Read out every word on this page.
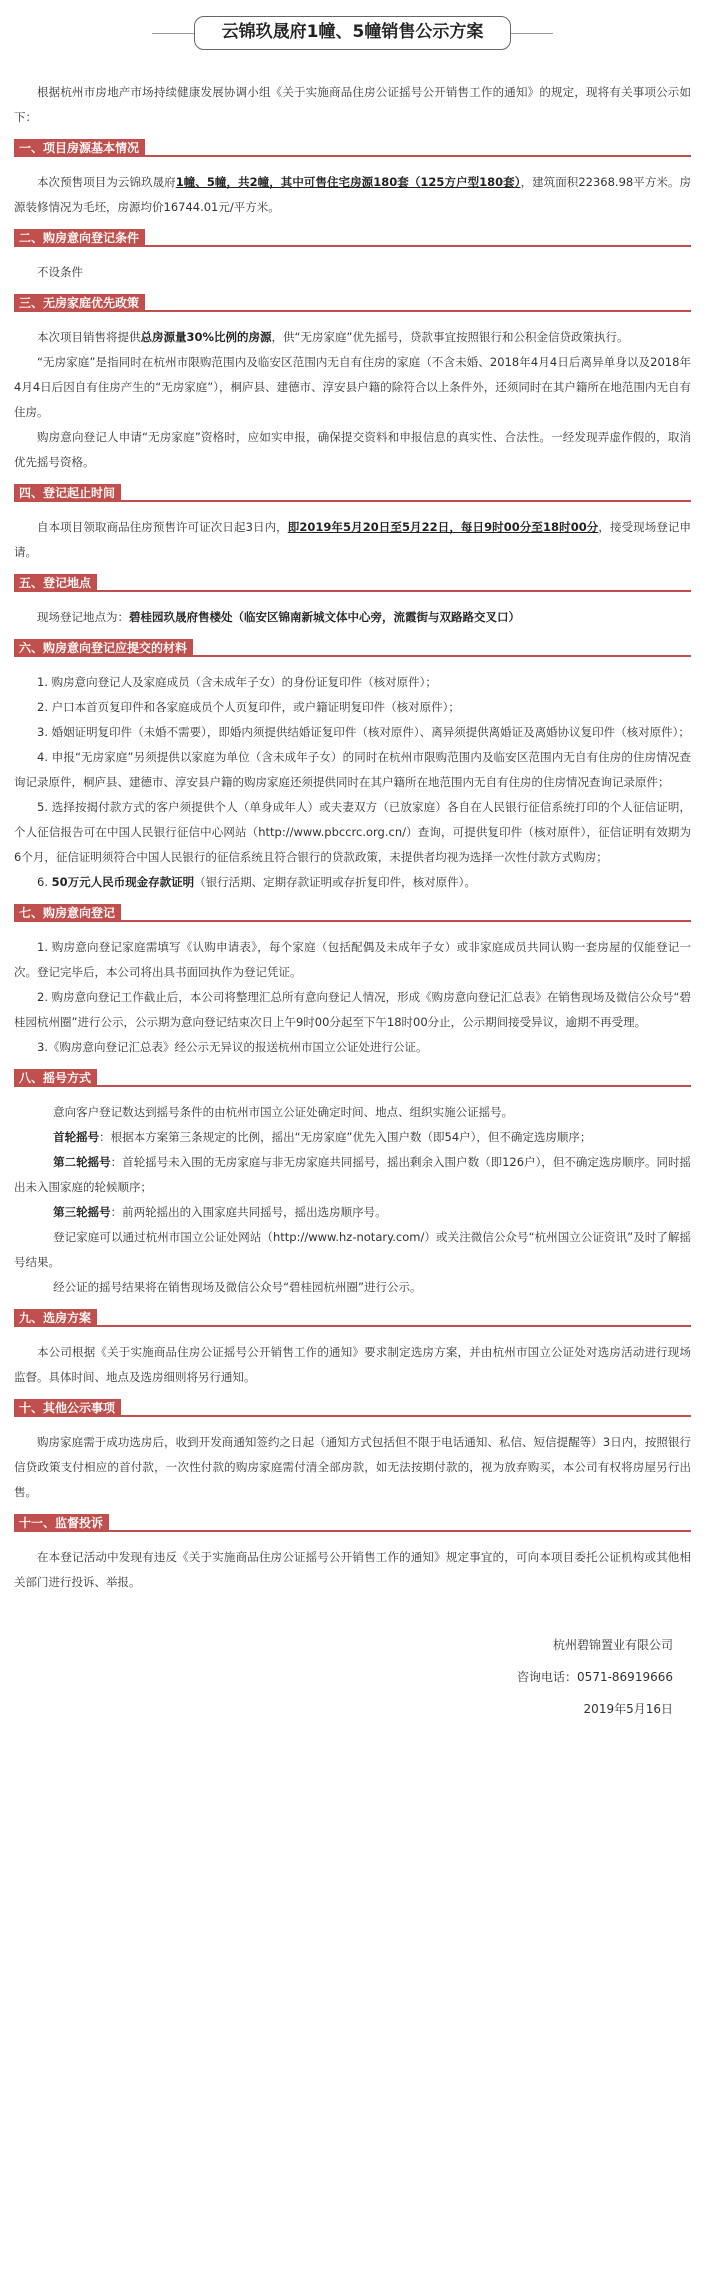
云锦玖晟府1幢、5幢销售公示方案

根据杭州市房地产市场持续健康发展协调小组《关于实施商品住房公证摇号公开销售工作的通知》的规定，现将有关事项公示如下：

一、项目房源基本情况

本次预售项目为云锦玖晟府1幢、5幢，共2幢，其中可售住宅房源180套（125方户型180套），建筑面积22368.98平方米。房源装修情况为毛坯，房源均价16744.01元/平方米。

二、购房意向登记条件

不设条件

三、无房家庭优先政策

本次项目销售将提供总房源量30%比例的房源，供“无房家庭”优先摇号，贷款事宜按照银行和公积金信贷政策执行。

“无房家庭”是指同时在杭州市限购范围内及临安区范围内无自有住房的家庭（不含未婚、2018年4月4日后离异单身以及2018年4月4日后因自有住房产生的“无房家庭”），桐庐县、建德市、淳安县户籍的除符合以上条件外，还须同时在其户籍所在地范围内无自有住房。

购房意向登记人申请“无房家庭”资格时，应如实申报，确保提交资料和申报信息的真实性、合法性。一经发现弄虚作假的，取消优先摇号资格。

四、登记起止时间

自本项目领取商品住房预售许可证次日起3日内，即2019年5月20日至5月22日，每日9时00分至18时00分，接受现场登记申请。

五、登记地点

现场登记地点为：碧桂园玖晟府售楼处（临安区锦南新城文体中心旁，流霞街与双路路交叉口）

六、购房意向登记应提交的材料

1. 购房意向登记人及家庭成员（含未成年子女）的身份证复印件（核对原件）；

2. 户口本首页复印件和各家庭成员个人页复印件，或户籍证明复印件（核对原件）；

3. 婚姻证明复印件（未婚不需要），即婚内须提供结婚证复印件（核对原件）、离异须提供离婚证及离婚协议复印件（核对原件）；

4. 申报“无房家庭”另须提供以家庭为单位（含未成年子女）的同时在杭州市限购范围内及临安区范围内无自有住房的住房情况查询记录原件，桐庐县、建德市、淳安县户籍的购房家庭还须提供同时在其户籍所在地范围内无自有住房的住房情况查询记录原件；

5. 选择按揭付款方式的客户须提供个人（单身成年人）或夫妻双方（已放家庭）各自在人民银行征信系统打印的个人征信证明，个人征信报告可在中国人民银行征信中心网站（http://www.pbccrc.org.cn/）查询，可提供复印件（核对原件），征信证明有效期为6个月，征信证明须符合中国人民银行的征信系统且符合银行的贷款政策，未提供者均视为选择一次性付款方式购房；

6. 50万元人民币现金存款证明（银行活期、定期存款证明或存折复印件，核对原件）。

七、购房意向登记

1. 购房意向登记家庭需填写《认购申请表》，每个家庭（包括配偶及未成年子女）或非家庭成员共同认购一套房屋的仅能登记一次。登记完毕后，本公司将出具书面回执作为登记凭证。

2. 购房意向登记工作截止后，本公司将整理汇总所有意向登记人情况，形成《购房意向登记汇总表》在销售现场及微信公众号“碧桂园杭州圈”进行公示，公示期为意向登记结束次日上午9时00分起至下午18时00分止，公示期间接受异议，逾期不再受理。

3.《购房意向登记汇总表》经公示无异议的报送杭州市国立公证处进行公证。

八、摇号方式

意向客户登记数达到摇号条件的由杭州市国立公证处确定时间、地点、组织实施公证摇号。

首轮摇号：根据本方案第三条规定的比例，摇出“无房家庭”优先入围户数（即54户），但不确定选房顺序；

第二轮摇号：首轮摇号未入围的无房家庭与非无房家庭共同摇号，摇出剩余入围户数（即126户），但不确定选房顺序。同时摇出未入围家庭的轮候顺序；

第三轮摇号：前两轮摇出的入围家庭共同摇号，摇出选房顺序号。

登记家庭可以通过杭州市国立公证处网站（http://www.hz-notary.com/）或关注微信公众号“杭州国立公证资讯”及时了解摇号结果。

经公证的摇号结果将在销售现场及微信公众号“碧桂园杭州圈”进行公示。

九、选房方案

本公司根据《关于实施商品住房公证摇号公开销售工作的通知》要求制定选房方案，并由杭州市国立公证处对选房活动进行现场监督。具体时间、地点及选房细则将另行通知。

十、其他公示事项

购房家庭需于成功选房后，收到开发商通知签约之日起（通知方式包括但不限于电话通知、私信、短信提醒等）3日内，按照银行信贷政策支付相应的首付款，一次性付款的购房家庭需付清全部房款，如无法按期付款的，视为放弃购买，本公司有权将房屋另行出售。

十一、监督投诉

在本登记活动中发现有违反《关于实施商品住房公证摇号公开销售工作的通知》规定事宜的，可向本项目委托公证机构或其他相关部门进行投诉、举报。

杭州碧锦置业有限公司

咨询电话：0571-86919666

2019年5月16日
